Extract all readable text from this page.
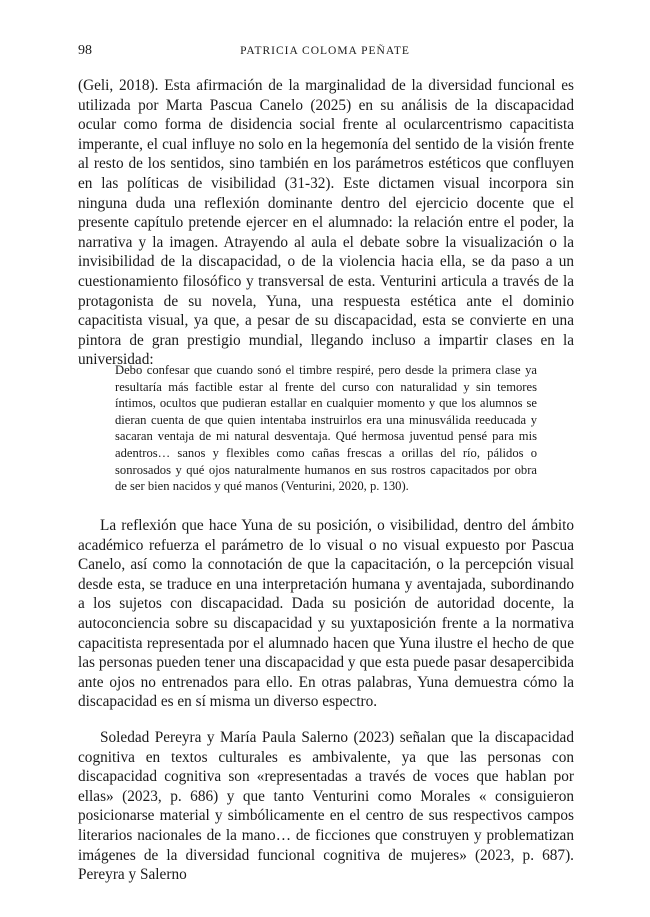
98	PATRICIA COLOMA PEÑATE

(Geli, 2018). Esta afirmación de la marginalidad de la diversidad funcional es utilizada por Marta Pascua Canelo (2025) en su análisis de la discapacidad ocular como forma de disidencia social frente al ocularcentrismo capacitista imperante, el cual influye no solo en la hegemonía del sentido de la visión frente al resto de los sentidos, sino también en los parámetros estéticos que confluyen en las políticas de visibilidad (31-32). Este dictamen visual incorpora sin ninguna duda una reflexión dominante dentro del ejercicio docente que el presente capítulo pretende ejercer en el alumnado: la relación entre el poder, la narrativa y la imagen. Atrayendo al aula el debate sobre la visualización o la invisibilidad de la discapacidad, o de la violencia hacia ella, se da paso a un cuestionamiento filosófico y transversal de esta. Venturini articula a través de la protagonista de su novela, Yuna, una respuesta estética ante el dominio capacitista visual, ya que, a pesar de su discapacidad, esta se convierte en una pintora de gran prestigio mundial, llegando incluso a impartir clases en la universidad:

Debo confesar que cuando sonó el timbre respiré, pero desde la primera clase ya resultaría más factible estar al frente del curso con naturalidad y sin temores íntimos, ocultos que pudieran estallar en cualquier momento y que los alumnos se dieran cuenta de que quien intentaba instruirlos era una minusválida reeducada y sacaran ventaja de mi natural desventaja. Qué hermosa juventud pensé para mis adentros… sanos y flexibles como cañas frescas a orillas del río, pálidos o sonrosados y qué ojos naturalmente humanos en sus rostros capacitados por obra de ser bien nacidos y qué manos (Venturini, 2020, p. 130).

La reflexión que hace Yuna de su posición, o visibilidad, dentro del ámbito académico refuerza el parámetro de lo visual o no visual expuesto por Pascua Canelo, así como la connotación de que la capacitación, o la percepción visual desde esta, se traduce en una interpretación humana y aventajada, subordinando a los sujetos con discapacidad. Dada su posición de autoridad docente, la autoconciencia sobre su discapacidad y su yuxtaposición frente a la normativa capacitista representada por el alumnado hacen que Yuna ilustre el hecho de que las personas pueden tener una discapacidad y que esta puede pasar desapercibida ante ojos no entrenados para ello. En otras palabras, Yuna demuestra cómo la discapacidad es en sí misma un diverso espectro.

Soledad Pereyra y María Paula Salerno (2023) señalan que la discapacidad cognitiva en textos culturales es ambivalente, ya que las personas con discapacidad cognitiva son «representadas a través de voces que hablan por ellas» (2023, p. 686) y que tanto Venturini como Morales « consiguieron posicionarse material y simbólicamente en el centro de sus respectivos campos literarios nacionales de la mano… de ficciones que construyen y problematizan imágenes de la diversidad funcional cognitiva de mujeres» (2023, p. 687). Pereyra y Salerno
